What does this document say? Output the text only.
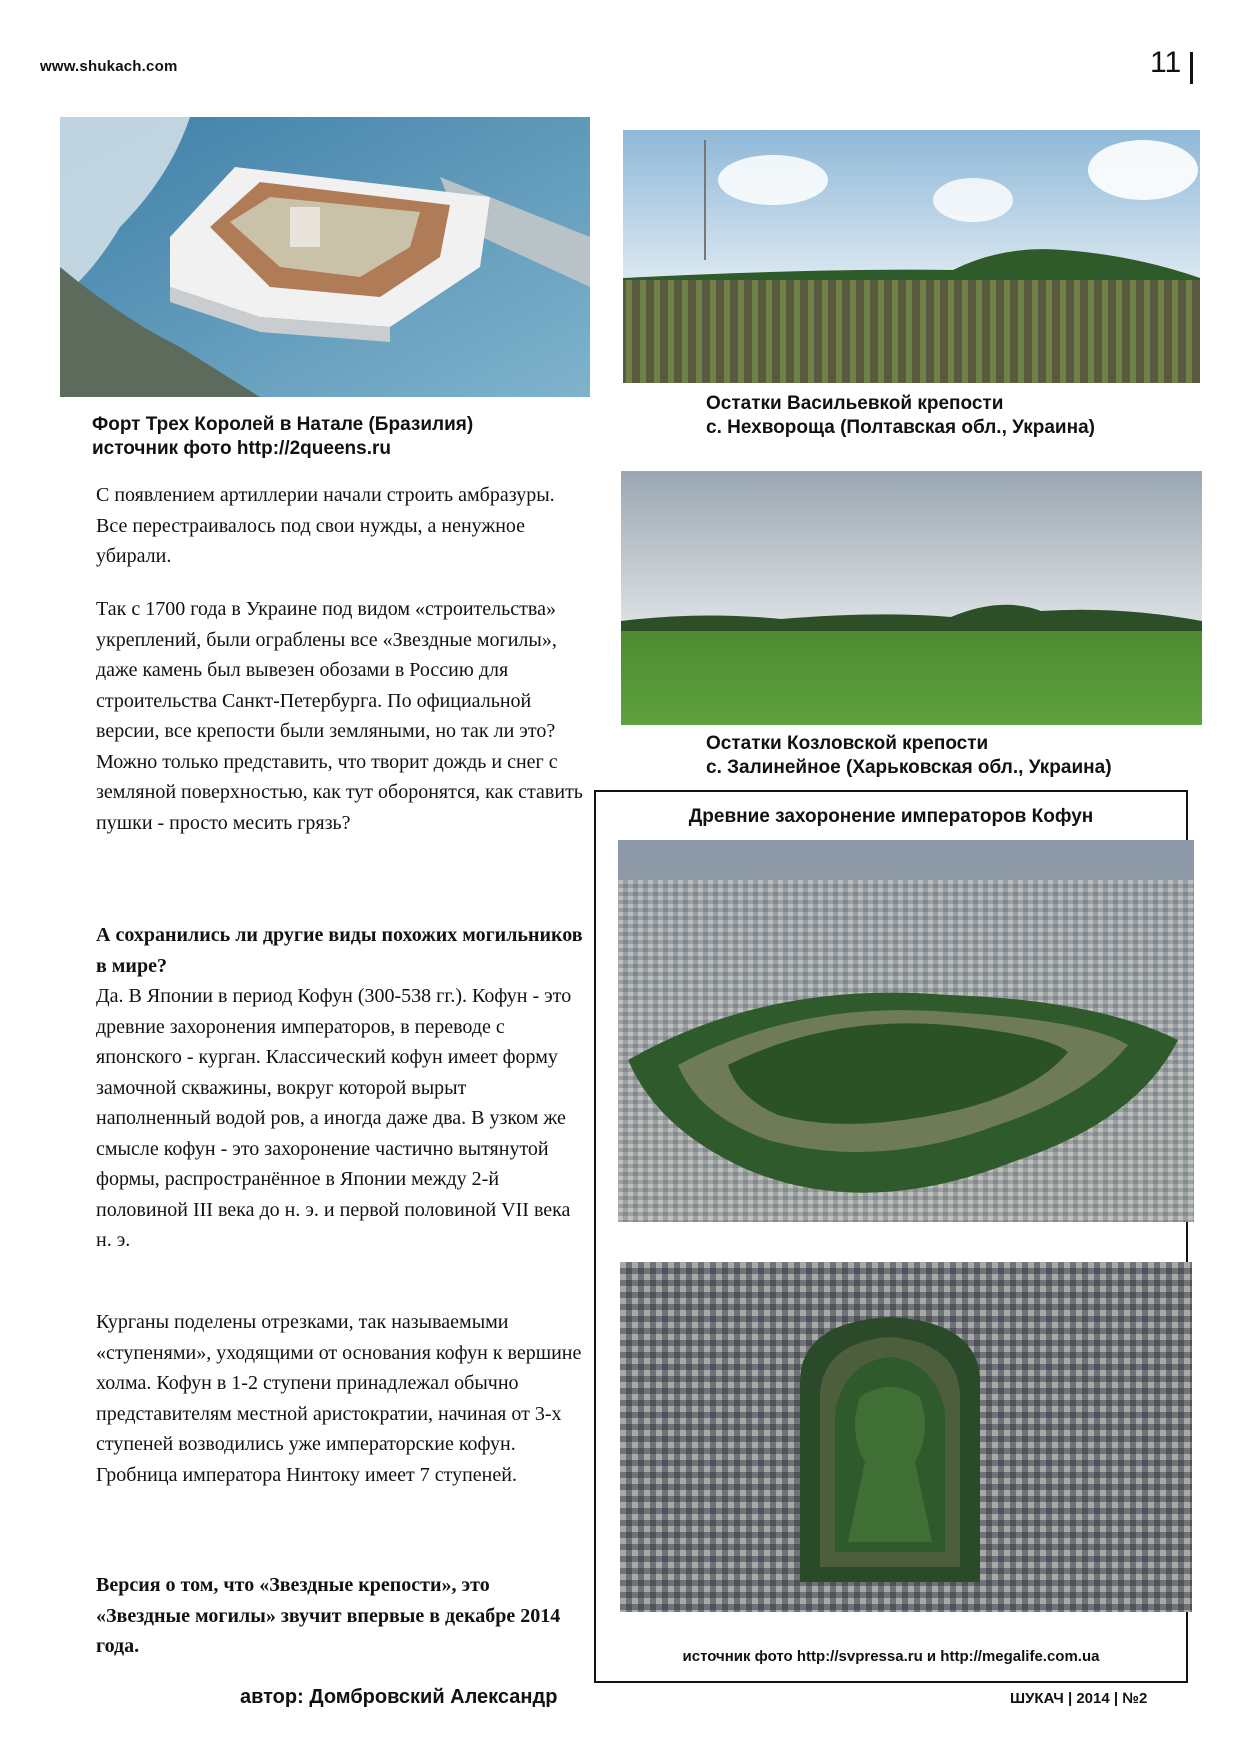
www.shukach.com	11
Форт Трех Королей в Натале (Бразилия)
источник фото http://2queens.ru
Остатки Васильевкой крепости
с. Нехвороща (Полтавская обл., Украина)
Остатки Козловской крепости
с. Залинейное (Харьковская обл., Украина)
Древние захоронение императоров Кофун
источник фото http://svpressa.ru и http://megalife.com.ua

С появлением артиллерии начали строить амбразуры. Все перестраивалось под свои нужды, а ненужное убирали.

Так с 1700 года в Украине под видом «строительства» укреплений, были ограблены все «Звездные могилы», даже камень был вывезен обозами в Россию для строительства Санкт-Петербурга. По официальной версии, все крепости были земляными, но так ли это? Можно только представить, что творит дождь и снег с земляной поверхностью, как тут оборонятся, как ставить пушки - просто месить грязь?

А сохранились ли другие виды похожих могильников в мире?

Да. В Японии в период Кофун (300-538 гг.). Кофун - это древние захоронения императоров, в переводе с японского - курган. Классический кофун имеет форму замочной скважины, вокруг которой вырыт наполненный водой ров, а иногда даже два. В узком же смысле кофун - это захоронение частично вытянутой формы, распространённое в Японии между 2-й половиной III века до н. э. и первой половиной VII века н. э.

Курганы поделены отрезками, так называемыми «ступенями», уходящими от основания кофун к вершине холма. Кофун в 1-2 ступени принадлежал обычно представителям местной аристократии, начиная от 3-х ступеней возводились уже императорские кофун. Гробница императора Нинтоку имеет 7 ступеней.

Версия о том, что «Звездные крепости», это «Звездные могилы» звучит впервые в декабре 2014 года.

автор: Домбровский Александр	ШУКАЧ | 2014 | №2
